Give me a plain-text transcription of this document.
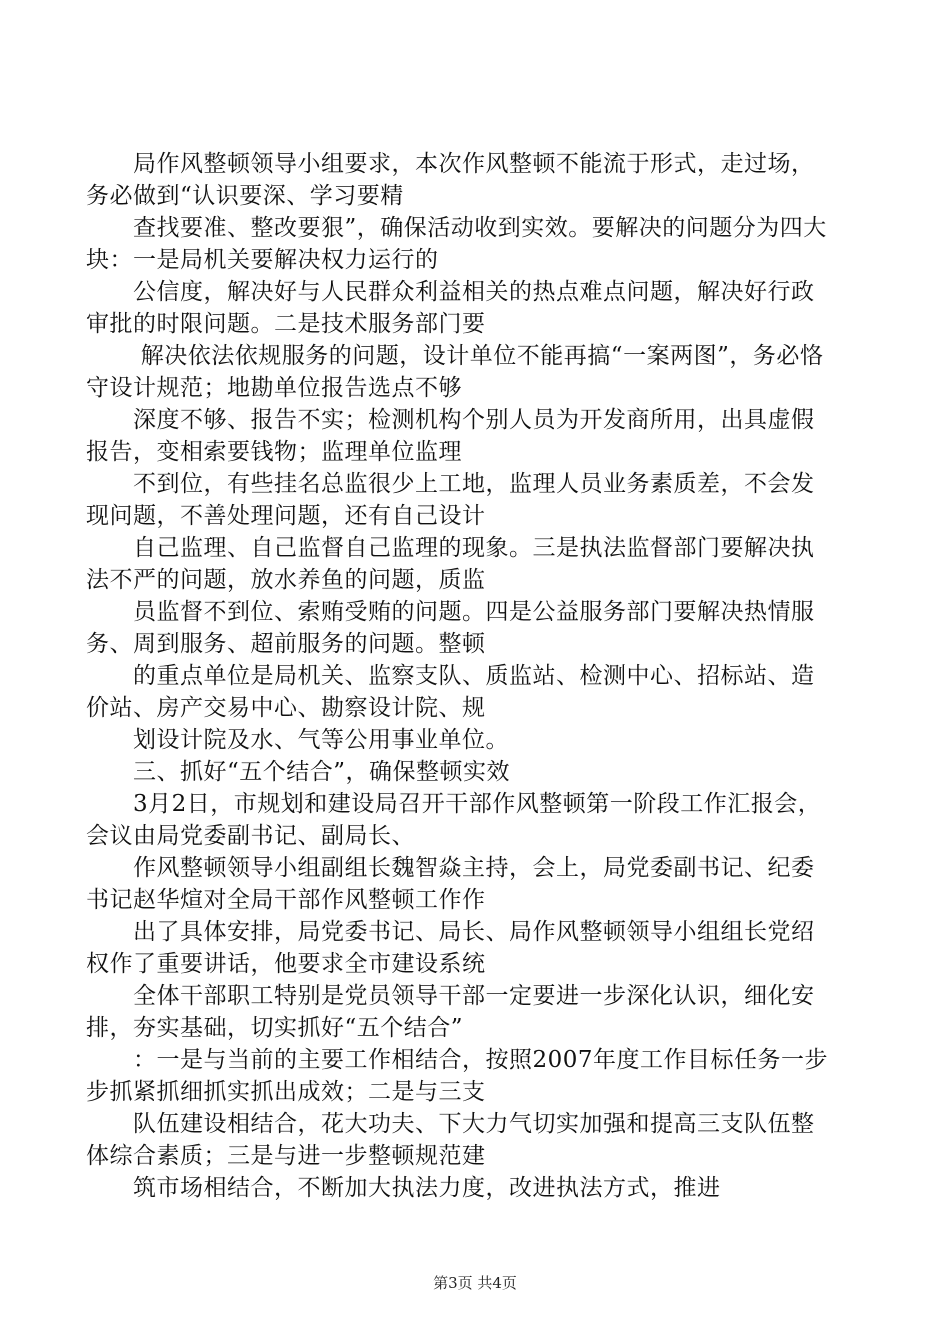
　　局作风整顿领导小组要求，本次作风整顿不能流于形式，走过场，务必做到“认识要深、学习要精

　　查找要准、整改要狠”，确保活动收到实效。要解决的问题分为四大块：一是局机关要解决权力运行的

　　公信度，解决好与人民群众利益相关的热点难点问题，解决好行政审批的时限问题。二是技术服务部门要

　　 解决依法依规服务的问题，设计单位不能再搞“一案两图”，务必恪守设计规范；地勘单位报告选点不够

　　深度不够、报告不实；检测机构个别人员为开发商所用，出具虚假报告，变相索要钱物；监理单位监理

　　不到位，有些挂名总监很少上工地，监理人员业务素质差，不会发现问题，不善处理问题，还有自己设计

　　自己监理、自己监督自己监理的现象。三是执法监督部门要解决执法不严的问题，放水养鱼的问题，质监

　　员监督不到位、索贿受贿的问题。四是公益服务部门要解决热情服务、周到服务、超前服务的问题。整顿

　　的重点单位是局机关、监察支队、质监站、检测中心、招标站、造价站、房产交易中心、勘察设计院、规

　　划设计院及水、气等公用事业单位。

　　三、抓好“五个结合”，确保整顿实效

　　3月2日，市规划和建设局召开干部作风整顿第一阶段工作汇报会，会议由局党委副书记、副局长、

　　作风整顿领导小组副组长魏智焱主持，会上，局党委副书记、纪委书记赵华煊对全局干部作风整顿工作作

　　出了具体安排，局党委书记、局长、局作风整顿领导小组组长党绍权作了重要讲话，他要求全市建设系统

　　全体干部职工特别是党员领导干部一定要进一步深化认识，细化安排，夯实基础，切实抓好“五个结合”

　　：一是与当前的主要工作相结合，按照2007年度工作目标任务一步步抓紧抓细抓实抓出成效；二是与三支

　　队伍建设相结合，花大功夫、下大力气切实加强和提高三支队伍整体综合素质；三是与进一步整顿规范建

　　筑市场相结合，不断加大执法力度，改进执法方式，推进

第3页 共4页
